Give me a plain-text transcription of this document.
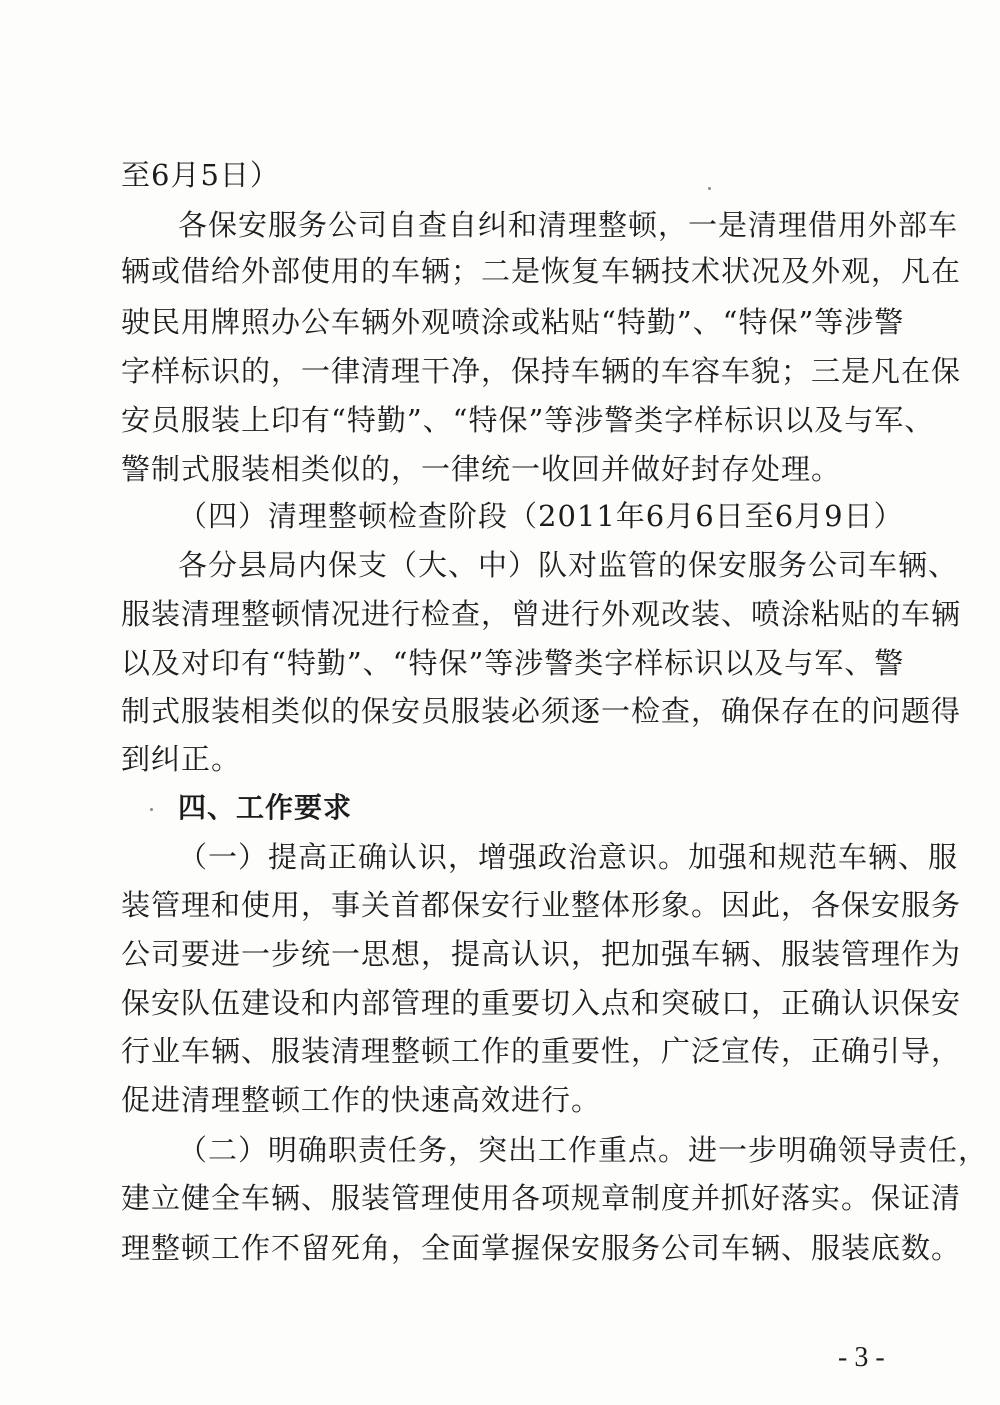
至6月5日）
各保安服务公司自查自纠和清理整顿，一是清理借用外部车
辆或借给外部使用的车辆；二是恢复车辆技术状况及外观，凡在
驶民用牌照办公车辆外观喷涂或粘贴“特勤”、“特保”等涉警
字样标识的，一律清理干净，保持车辆的车容车貌；三是凡在保
安员服装上印有“特勤”、“特保”等涉警类字样标识以及与军、
警制式服装相类似的，一律统一收回并做好封存处理。
（四）清理整顿检查阶段（2011年6月6日至6月9日）
各分县局内保支（大、中）队对监管的保安服务公司车辆、
服装清理整顿情况进行检查，曾进行外观改装、喷涂粘贴的车辆
以及对印有“特勤”、“特保”等涉警类字样标识以及与军、警
制式服装相类似的保安员服装必须逐一检查，确保存在的问题得
到纠正。
四、工作要求
（一）提高正确认识，增强政治意识。加强和规范车辆、服
装管理和使用，事关首都保安行业整体形象。因此，各保安服务
公司要进一步统一思想，提高认识，把加强车辆、服装管理作为
保安队伍建设和内部管理的重要切入点和突破口，正确认识保安
行业车辆、服装清理整顿工作的重要性，广泛宣传，正确引导，
促进清理整顿工作的快速高效进行。
（二）明确职责任务，突出工作重点。进一步明确领导责任，
建立健全车辆、服装管理使用各项规章制度并抓好落实。保证清
理整顿工作不留死角，全面掌握保安服务公司车辆、服装底数。
- 3 -
